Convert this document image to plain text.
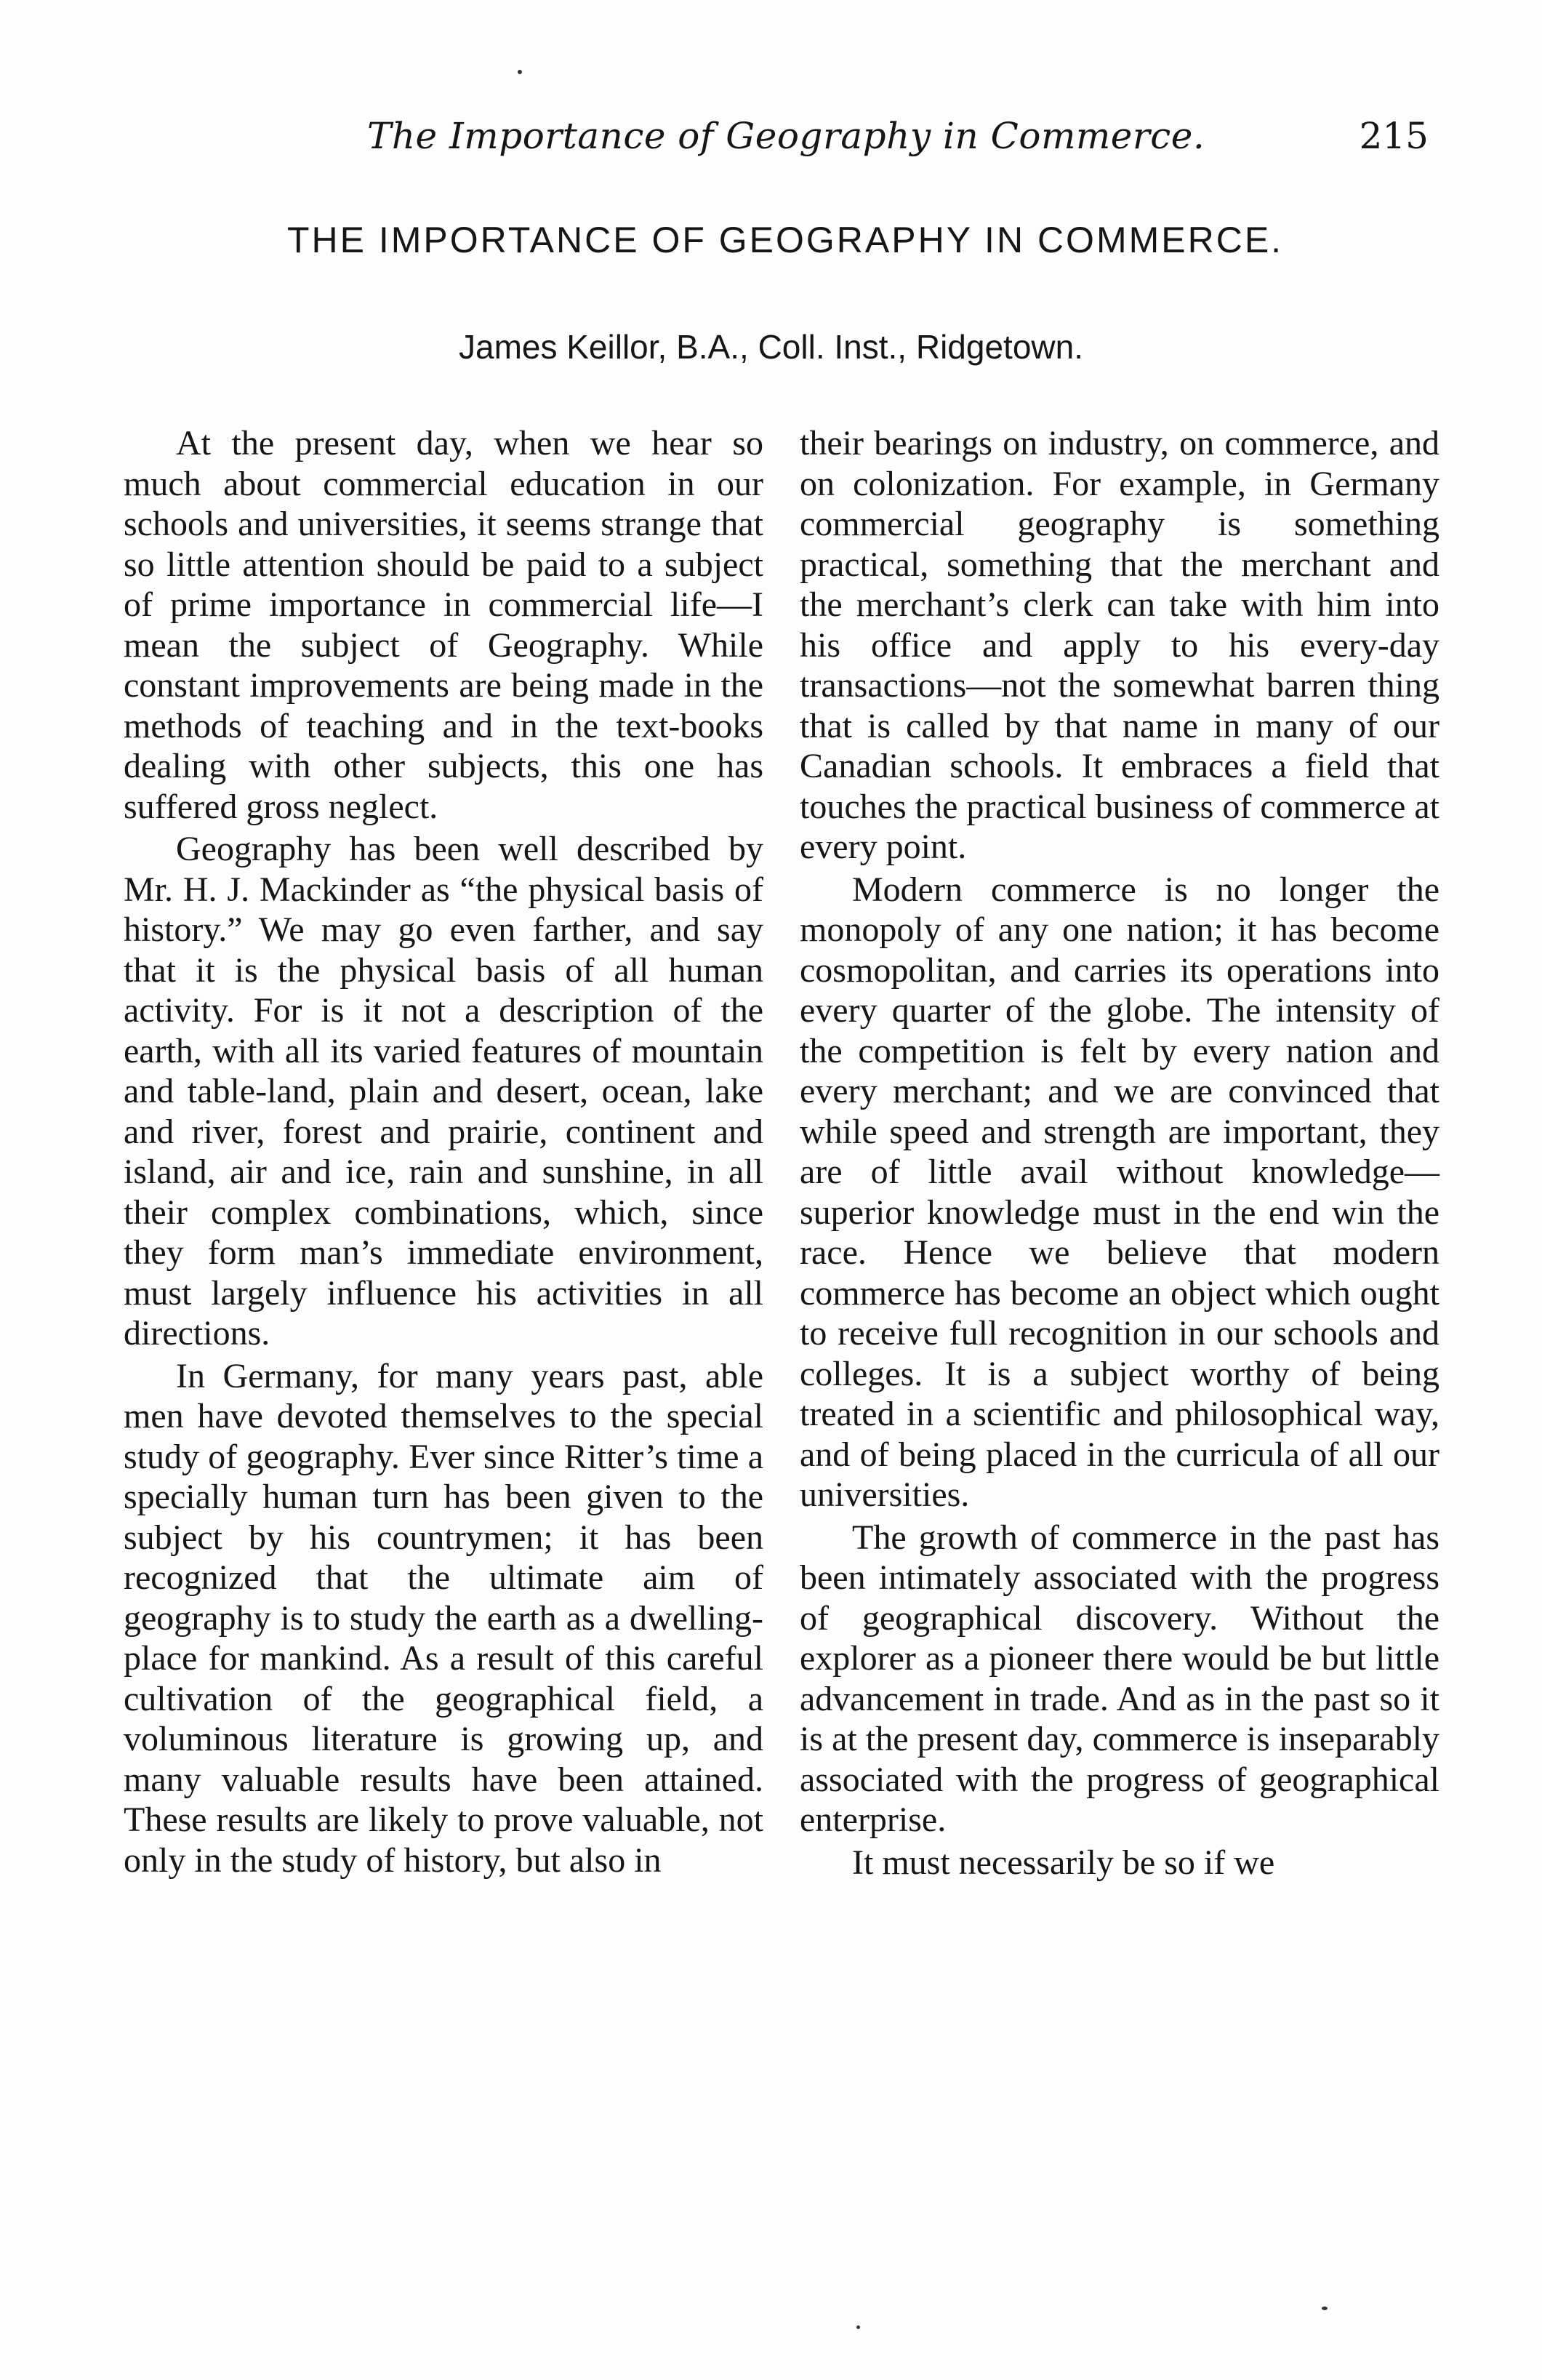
The Importance of Geography in Commerce.	215
THE IMPORTANCE OF GEOGRAPHY IN COMMERCE.
James Keillor, B.A., Coll. Inst., Ridgetown.

At the present day, when we hear so much about commercial education in our schools and universities, it seems strange that so little attention should be paid to a subject of prime importance in commercial life—I mean the subject of Geography. While constant improvements are being made in the methods of teaching and in the text-books dealing with other subjects, this one has suffered gross neglect.

Geography has been well described by Mr. H. J. Mackinder as “the physical basis of history.” We may go even farther, and say that it is the physical basis of all human activity. For is it not a description of the earth, with all its varied features of mountain and table-land, plain and desert, ocean, lake and river, forest and prairie, continent and island, air and ice, rain and sunshine, in all their complex combinations, which, since they form man’s immediate environment, must largely influence his activities in all directions.

In Germany, for many years past, able men have devoted themselves to the special study of geography. Ever since Ritter’s time a specially human turn has been given to the subject by his countrymen; it has been recognized that the ultimate aim of geography is to study the earth as a dwelling-place for mankind. As a result of this careful cultivation of the geographical field, a voluminous literature is growing up, and many valuable results have been attained. These results are likely to prove valuable, not only in the study of history, but also in

their bearings on industry, on commerce, and on colonization. For example, in Germany commercial geography is something practical, something that the merchant and the merchant’s clerk can take with him into his office and apply to his every-day transactions—not the somewhat barren thing that is called by that name in many of our Canadian schools. It embraces a field that touches the practical business of commerce at every point.

Modern commerce is no longer the monopoly of any one nation; it has become cosmopolitan, and carries its operations into every quarter of the globe. The intensity of the competition is felt by every nation and every merchant; and we are convinced that while speed and strength are important, they are of little avail without knowledge—superior knowledge must in the end win the race. Hence we believe that modern commerce has become an object which ought to receive full recognition in our schools and colleges. It is a subject worthy of being treated in a scientific and philosophical way, and of being placed in the curricula of all our universities.

The growth of commerce in the past has been intimately associated with the progress of geographical discovery. Without the explorer as a pioneer there would be but little advancement in trade. And as in the past so it is at the present day, commerce is inseparably associated with the progress of geographical enterprise.

It must necessarily be so if we
